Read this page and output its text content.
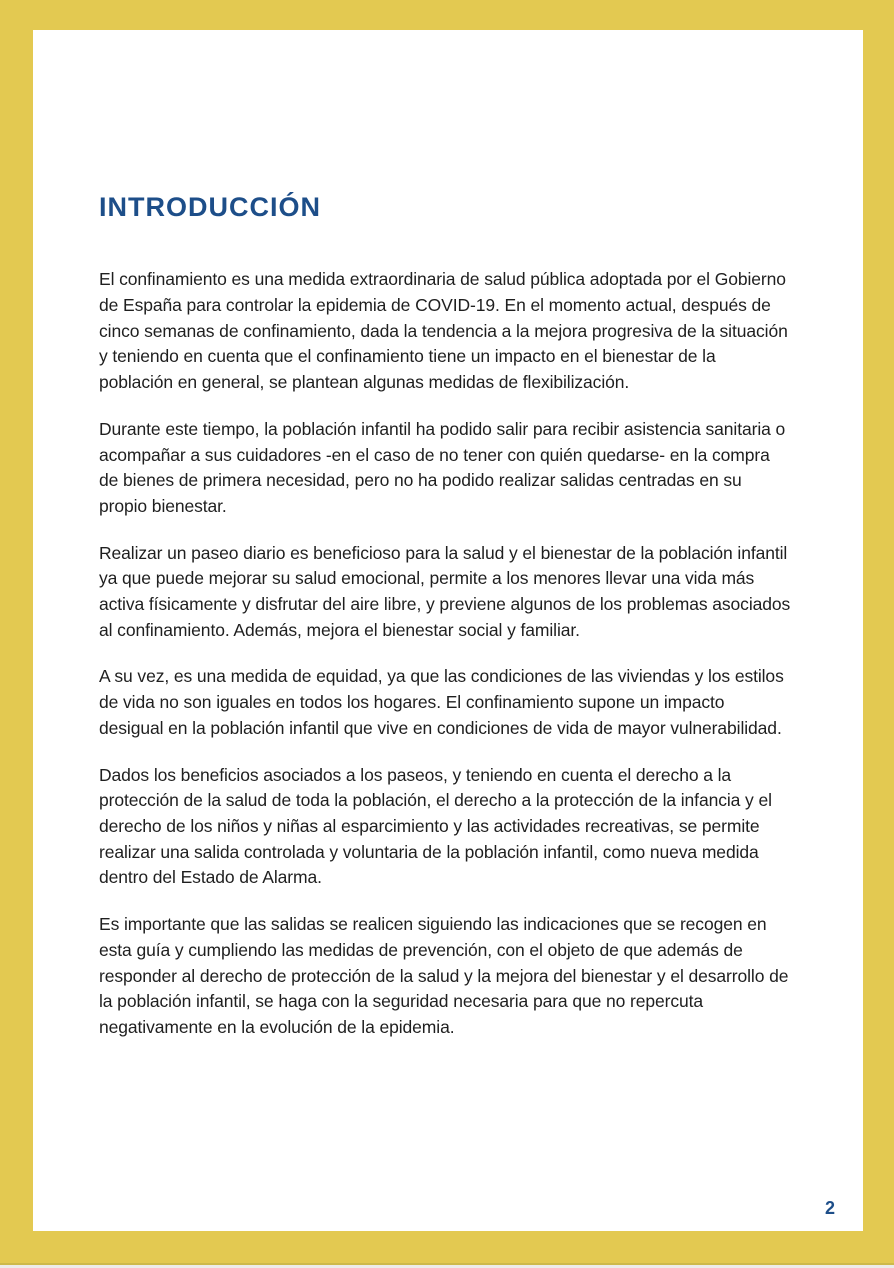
INTRODUCCIÓN

El confinamiento es una medida extraordinaria de salud pública adoptada por el Gobierno de España para controlar la epidemia de COVID-19. En el momento actual, después de cinco semanas de confinamiento, dada la tendencia a la mejora progresiva de la situación y teniendo en cuenta que el confinamiento tiene un impacto en el bienestar de la población en general, se plantean algunas medidas de flexibilización.

Durante este tiempo, la población infantil ha podido salir para recibir asistencia sanitaria o acompañar a sus cuidadores -en el caso de no tener con quién quedarse- en la compra de bienes de primera necesidad, pero no ha podido realizar salidas centradas en su propio bienestar.

Realizar un paseo diario es beneficioso para la salud y el bienestar de la población infantil ya que puede mejorar su salud emocional, permite a los menores llevar una vida más activa físicamente y disfrutar del aire libre, y previene algunos de los problemas asociados al confinamiento. Además, mejora el bienestar social y familiar.

A su vez, es una medida de equidad, ya que las condiciones de las viviendas y los estilos de vida no son iguales en todos los hogares. El confinamiento supone un impacto desigual en la población infantil que vive en condiciones de vida de mayor vulnerabilidad.

Dados los beneficios asociados a los paseos, y teniendo en cuenta el derecho a la protección de la salud de toda la población, el derecho a la protección de la infancia y el derecho de los niños y niñas al esparcimiento y las actividades recreativas, se permite realizar una salida controlada y voluntaria de la población infantil, como nueva medida dentro del Estado de Alarma.

Es importante que las salidas se realicen siguiendo las indicaciones que se recogen en esta guía y cumpliendo las medidas de prevención, con el objeto de que además de responder al derecho de protección de la salud y la mejora del bienestar y el desarrollo de la población infantil, se haga con la seguridad necesaria para que no repercuta negativamente en la evolución de la epidemia.

2
